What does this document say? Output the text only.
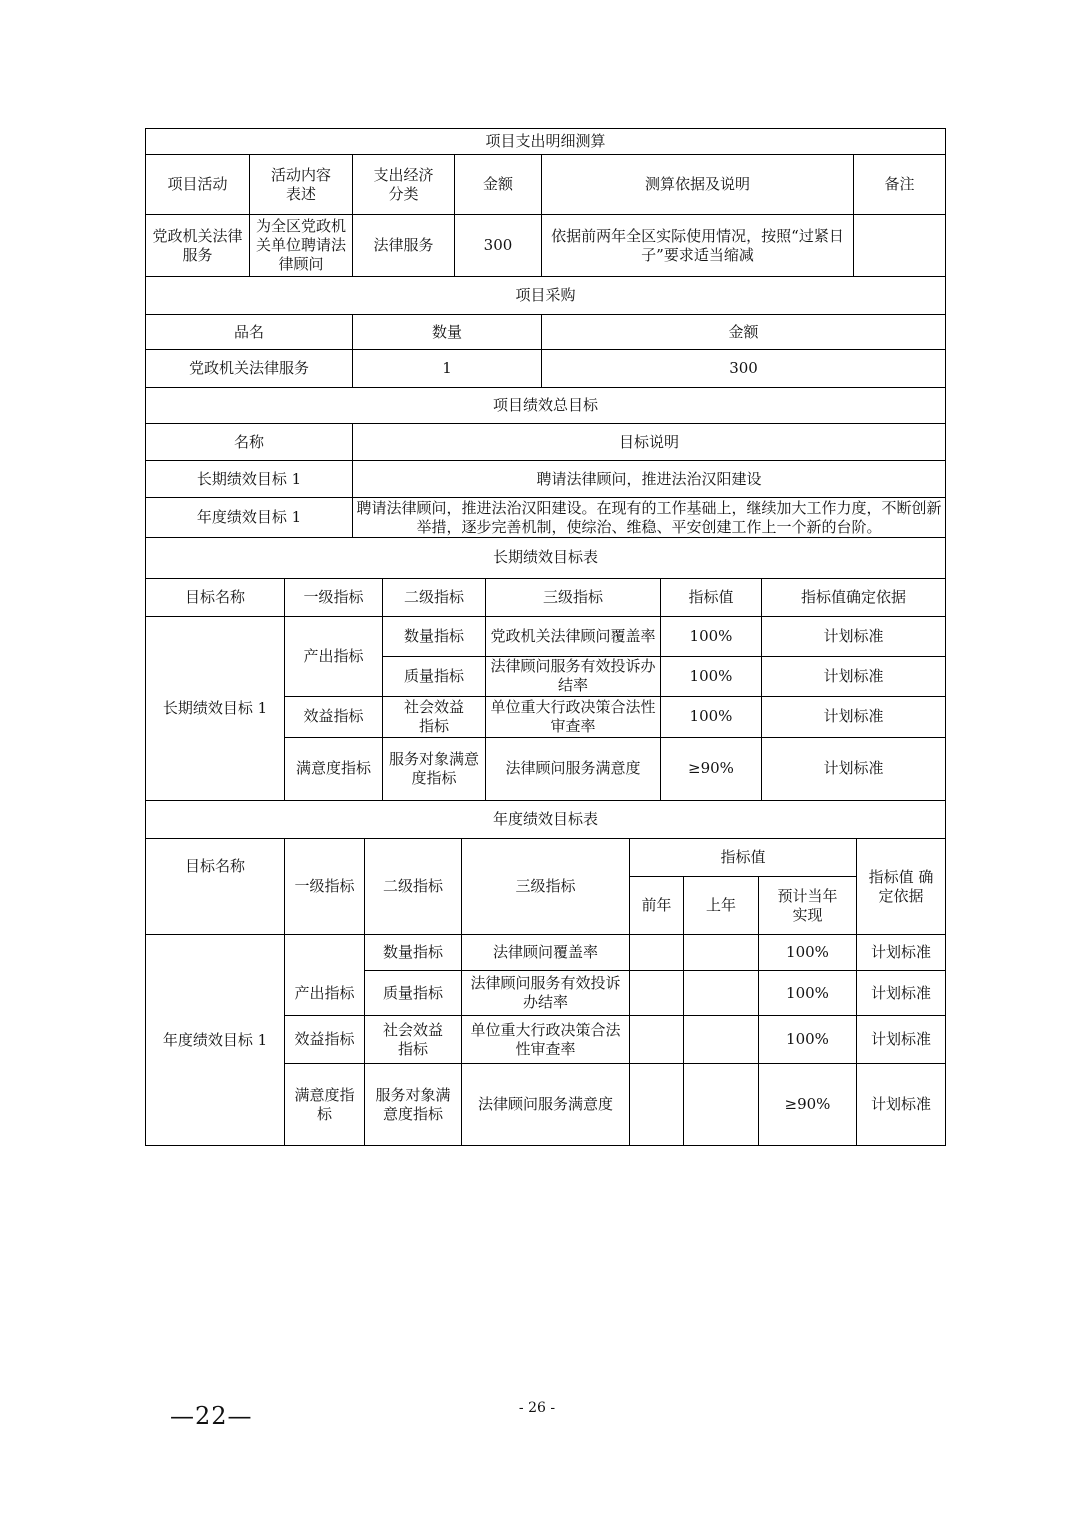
项目支出明细测算					
项目活动	活动内容表述	支出经济分类	金额	测算依据及说明	备注
党政机关法律服务	为全区党政机关单位聘请法律顾问	法律服务	300	依据前两年全区实际使用情况，按照“过紧日子”要求适当缩减	
项目采购					
品名		数量		金额	
党政机关法律服务		1		300	
项目绩效总目标					
名称		目标说明			
长期绩效目标 1		聘请法律顾问，推进法治汉阳建设			
年度绩效目标 1		聘请法律顾问，推进法治汉阳建设。在现有的工作基础上，继续加大工作力度，不断创新举措，逐步完善机制，使综治、维稳、平安创建工作上一个新的台阶。			
长期绩效目标表					
目标名称	一级指标	二级指标	三级指标	指标值	指标值确定依据
长期绩效目标 1	产出指标	数量指标	党政机关法律顾问覆盖率	100%	计划标准
		质量指标	法律顾问服务有效投诉办结率	100%	计划标准
	效益指标	社会效益指标	单位重大行政决策合法性审查率	100%	计划标准
	满意度指标	服务对象满意度指标	法律顾问服务满意度	≥90%	计划标准
年度绩效目标表							
目标名称	一级指标	二级指标	三级指标	指标值			指标值 确定依据
				前年	上年	预计当年实现	
年度绩效目标 1	产出指标	数量指标	法律顾问覆盖率			100%	计划标准
		质量指标	法律顾问服务有效投诉办结率			100%	计划标准
	效益指标	社会效益指标	单位重大行政决策合法性审查率			100%	计划标准
	满意度指标	服务对象满意度指标	法律顾问服务满意度			≥90%	计划标准
—22—	- 26 -
